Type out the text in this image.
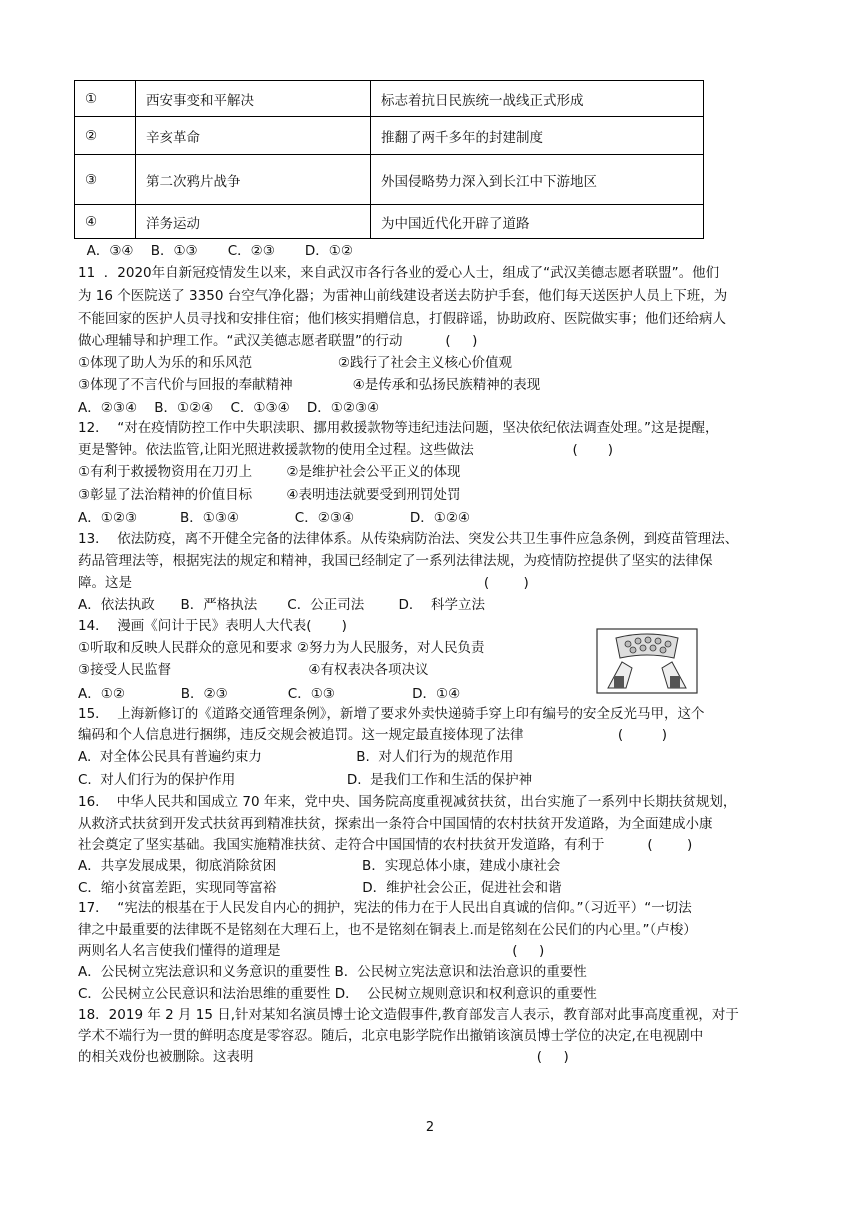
①	西安事变和平解决	标志着抗日民族统一战线正式形成
②	辛亥革命	推翻了两千多年的封建制度
③	第二次鸦片战争	外国侵略势力深入到长江中下游地区
④	洋务运动	为中国近代化开辟了道路
A．③④    B．①③       C．②③       D．①②
11  ．2020年自新冠疫情发生以来，来自武汉市各行各业的爱心人士，组成了“武汉美德志愿者联盟”。他们
为 16 个医院送了 3350 台空气净化器；为雷神山前线建设者送去防护手套，他们每天送医护人员上下班，为
不能回家的医护人员寻找和安排住宿；他们核实捐赠信息，打假辟谣，协助政府、医院做实事；他们还给病人
做心理辅导和护理工作。“武汉美德志愿者联盟”的行动          (     )
①体现了助人为乐的和乐风范                    ②践行了社会主义核心价值观
③体现了不言代价与回报的奉献精神              ④是传承和弘扬民族精神的表现
A．②③④    B．①②④    C．①③④    D．①②③④
12．  “对在疫情防控工作中失职渎职、挪用救援款物等违纪违法问题，坚决依纪依法调查处理。”这是提醒，
更是警钟。依法监管,让阳光照进救援款物的使用全过程。这些做法                       (       )
①有利于救援物资用在刀刃上        ②是维护社会公平正义的体现
③彰显了法治精神的价值目标        ④表明违法就要受到刑罚处罚
A．①②③          B．①③④             C．②③④             D．①②④
13．  依法防疫，离不开健全完备的法律体系。从传染病防治法、突发公共卫生事件应急条例，到疫苗管理法、
药品管理法等，根据宪法的规定和精神，我国已经制定了一系列法律法规，为疫情防控提供了坚实的法律保
障。这是                                                                                  (        )
A．依法执政      B．严格执法       C．公正司法        D．  科学立法
14．  漫画《问计于民》表明人大代表(       )
①听取和反映人民群众的意见和要求 ②努力为人民服务，对人民负责
③接受人民监督                                ④有权表决各项决议
A．①②             B．②③              C．①③                  D．①④
15．  上海新修订的《道路交通管理条例》，新增了要求外卖快递骑手穿上印有编号的安全反光马甲，这个
编码和个人信息进行捆绑，违反交规会被追罚。这一规定最直接体现了法律                      (         )
A.  对全体公民具有普遍约束力                      B.  对人们行为的规范作用
C.  对人们行为的保护作用                          D.  是我们工作和生活的保护神
16.    中华人民共和国成立 70 年来，党中央、国务院高度重视减贫扶贫，出台实施了一系列中长期扶贫规划，
从救济式扶贫到开发式扶贫再到精准扶贫，探索出一条符合中国国情的农村扶贫开发道路，为全面建成小康
社会奠定了坚实基础。我国实施精准扶贫、走符合中国国情的农村扶贫开发道路，有利于          (        )
A．共享发展成果，彻底消除贫困                    B．实现总体小康，建成小康社会
C．缩小贫富差距，实现同等富裕                    D．维护社会公正，促进社会和谐
17．  “宪法的根基在于人民发自内心的拥护，宪法的伟力在于人民出自真诚的信仰。”（习近平）“一切法
律之中最重要的法律既不是铭刻在大理石上，也不是铭刻在铜表上.而是铭刻在公民们的内心里。”（卢梭）
两则名人名言使我们懂得的道理是                                                      (     )
A．公民树立宪法意识和义务意识的重要性 B．公民树立宪法意识和法治意识的重要性
C．公民树立公民意识和法治思维的重要性 D．  公民树立规则意识和权利意识的重要性
18．2019 年 2 月 15 日,针对某知名演员博士论文造假事件,教育部发言人表示，教育部对此事高度重视，对于
学术不端行为一贯的鲜明态度是零容忍。随后，北京电影学院作出撤销该演员博士学位的决定,在电视剧中
的相关戏份也被删除。这表明                                                                  (     )
2
